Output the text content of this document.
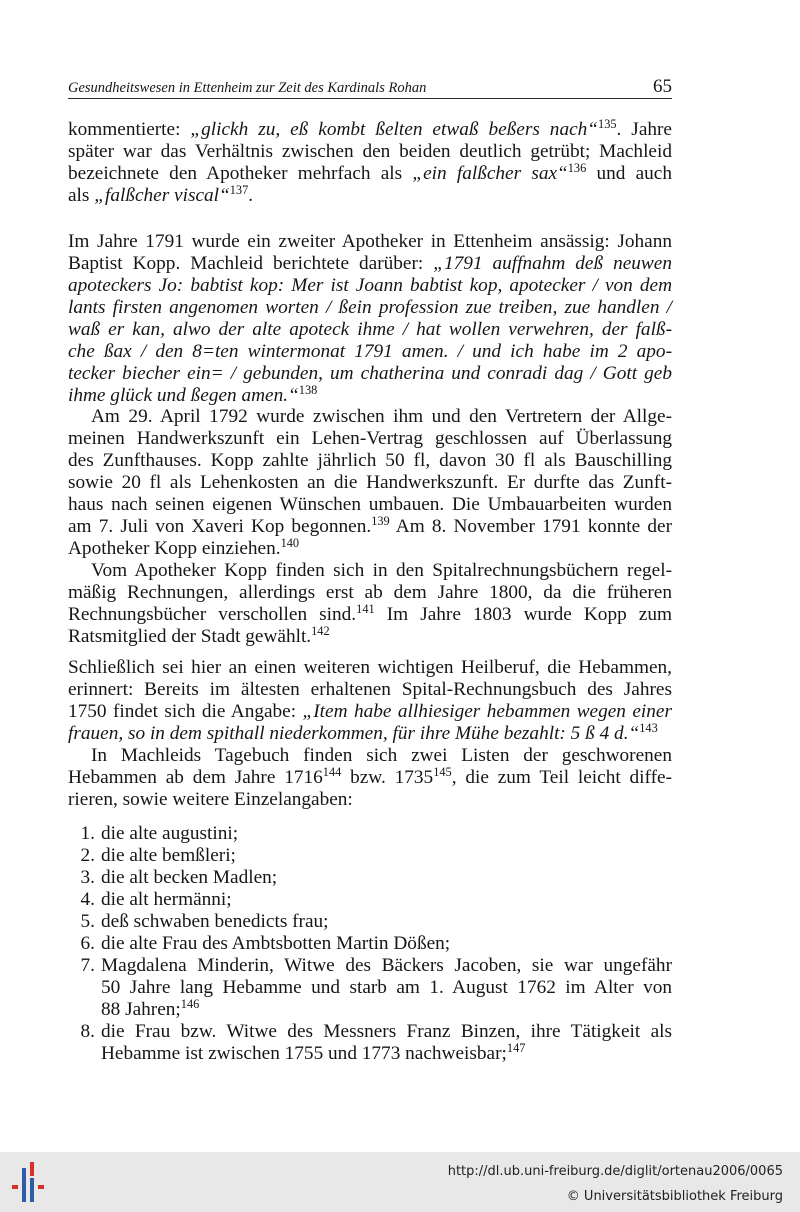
Gesundheitswesen in Ettenheim zur Zeit des Kardinals Rohan	65
kommentierte: „glickh zu, eß kombt ßelten etwaß beßers nach“$^{135}$. Jahre
später war das Verhältnis zwischen den beiden deutlich getrübt; Machleid
bezeichnete den Apotheker mehrfach als „ein falßcher sax“$^{136}$ und auch
als „falßcher viscal“$^{137}$.
Im Jahre 1791 wurde ein zweiter Apotheker in Ettenheim ansässig: Johann
Baptist Kopp. Machleid berichtete darüber: „1791 auffnahm deß neuwen
apoteckers Jo: babtist kop: Mer ist Joann babtist kop, apotecker / von dem
lants firsten angenomen worten / ßein profession zue treiben, zue handlen /
waß er kan, alwo der alte apoteck ihme / hat wollen verwehren, der falß-
che ßax / den 8=ten wintermonat 1791 amen. / und ich habe im 2 apo-
tecker biecher ein= / gebunden, um chatherina und conradi dag / Gott geb
ihme glück und ßegen amen.“$^{138}$
Am 29. April 1792 wurde zwischen ihm und den Vertretern der Allge-
meinen Handwerkszunft ein Lehen-Vertrag geschlossen auf Überlassung
des Zunfthauses. Kopp zahlte jährlich 50 fl, davon 30 fl als Bauschilling
sowie 20 fl als Lehenkosten an die Handwerkszunft. Er durfte das Zunft-
haus nach seinen eigenen Wünschen umbauen. Die Umbauarbeiten wurden
am 7. Juli von Xaveri Kop begonnen.$^{139}$ Am 8. November 1791 konnte der
Apotheker Kopp einziehen.$^{140}$
Vom Apotheker Kopp finden sich in den Spitalrechnungsbüchern regel-
mäßig Rechnungen, allerdings erst ab dem Jahre 1800, da die früheren
Rechnungsbücher verschollen sind.$^{141}$ Im Jahre 1803 wurde Kopp zum
Ratsmitglied der Stadt gewählt.$^{142}$
Schließlich sei hier an einen weiteren wichtigen Heilberuf, die Hebammen,
erinnert: Bereits im ältesten erhaltenen Spital-Rechnungsbuch des Jahres
1750 findet sich die Angabe: „Item habe allhiesiger hebammen wegen einer
frauen, so in dem spithall niederkommen, für ihre Mühe bezahlt: 5 ß 4 d.“$^{143}$
In Machleids Tagebuch finden sich zwei Listen der geschworenen
Hebammen ab dem Jahre 1716$^{144}$ bzw. 1735$^{145}$, die zum Teil leicht diffe-
rieren, sowie weitere Einzelangaben:
1. die alte augustini;
2. die alte bemßleri;
3. die alt becken Madlen;
4. die alt hermänni;
5. deß schwaben benedicts frau;
6. die alte Frau des Ambtsbotten Martin Dößen;
7. Magdalena Minderin, Witwe des Bäckers Jacoben, sie war ungefähr
50 Jahre lang Hebamme und starb am 1. August 1762 im Alter von
88 Jahren;$^{146}$
8. die Frau bzw. Witwe des Messners Franz Binzen, ihre Tätigkeit als
Hebamme ist zwischen 1755 und 1773 nachweisbar;$^{147}$
http://dl.ub.uni-freiburg.de/diglit/ortenau2006/0065
© Universitätsbibliothek Freiburg
